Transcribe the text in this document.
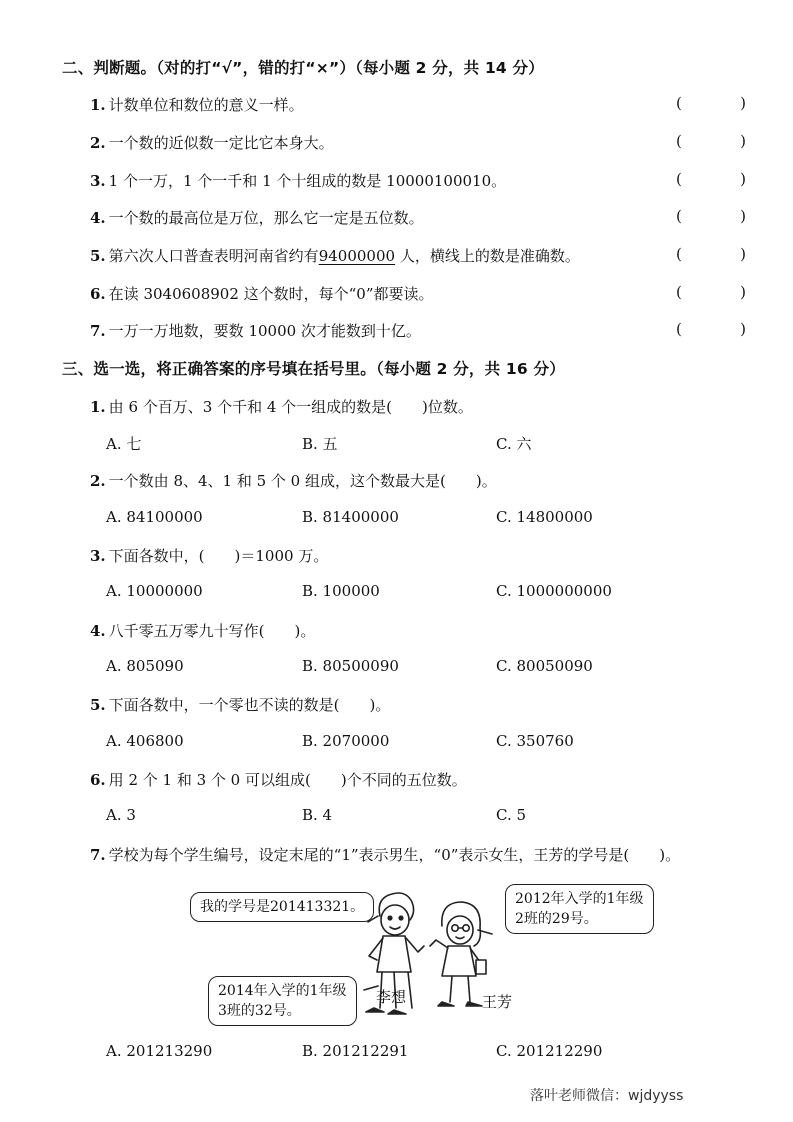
二、判断题。（对的打“√”，错的打“×”）（每小题 2 分，共 14 分）
1. 计数单位和数位的意义一样。	(	)
2. 一个数的近似数一定比它本身大。	(	)
3. 1 个一万，1 个一千和 1 个十组成的数是 10000100010。	(	)
4. 一个数的最高位是万位，那么它一定是五位数。	(	)
5. 第六次人口普查表明河南省约有94000000 人，横线上的数是准确数。	(	)
6. 在读 3040608902 这个数时，每个“0”都要读。	(	)
7. 一万一万地数，要数 10000 次才能数到十亿。	(	)
三、选一选，将正确答案的序号填在括号里。（每小题 2 分，共 16 分）
1. 由 6 个百万、3 个千和 4 个一组成的数是(　　)位数。
A. 七	B. 五	C. 六
2. 一个数由 8、4、1 和 5 个 0 组成，这个数最大是(　　)。
A. 84100000	B. 81400000	C. 14800000
3. 下面各数中，(　　)＝1000 万。
A. 10000000	B. 100000	C. 1000000000
4. 八千零五万零九十写作(　　)。
A. 805090	B. 80500090	C. 80050090
5. 下面各数中，一个零也不读的数是(　　)。
A. 406800	B. 2070000	C. 350760
6. 用 2 个 1 和 3 个 0 可以组成(　　)个不同的五位数。
A. 3	B. 4	C. 5
7. 学校为每个学生编号，设定末尾的“1”表示男生，“0”表示女生，王芳的学号是(　　)。
我的学号是201413321。	2012年入学的1年级
2班的29号。
2014年入学的1年级
3班的32号。
李想	王芳
A. 201213290	B. 201212291	C. 201212290
落叶老师微信：wjdyyss
